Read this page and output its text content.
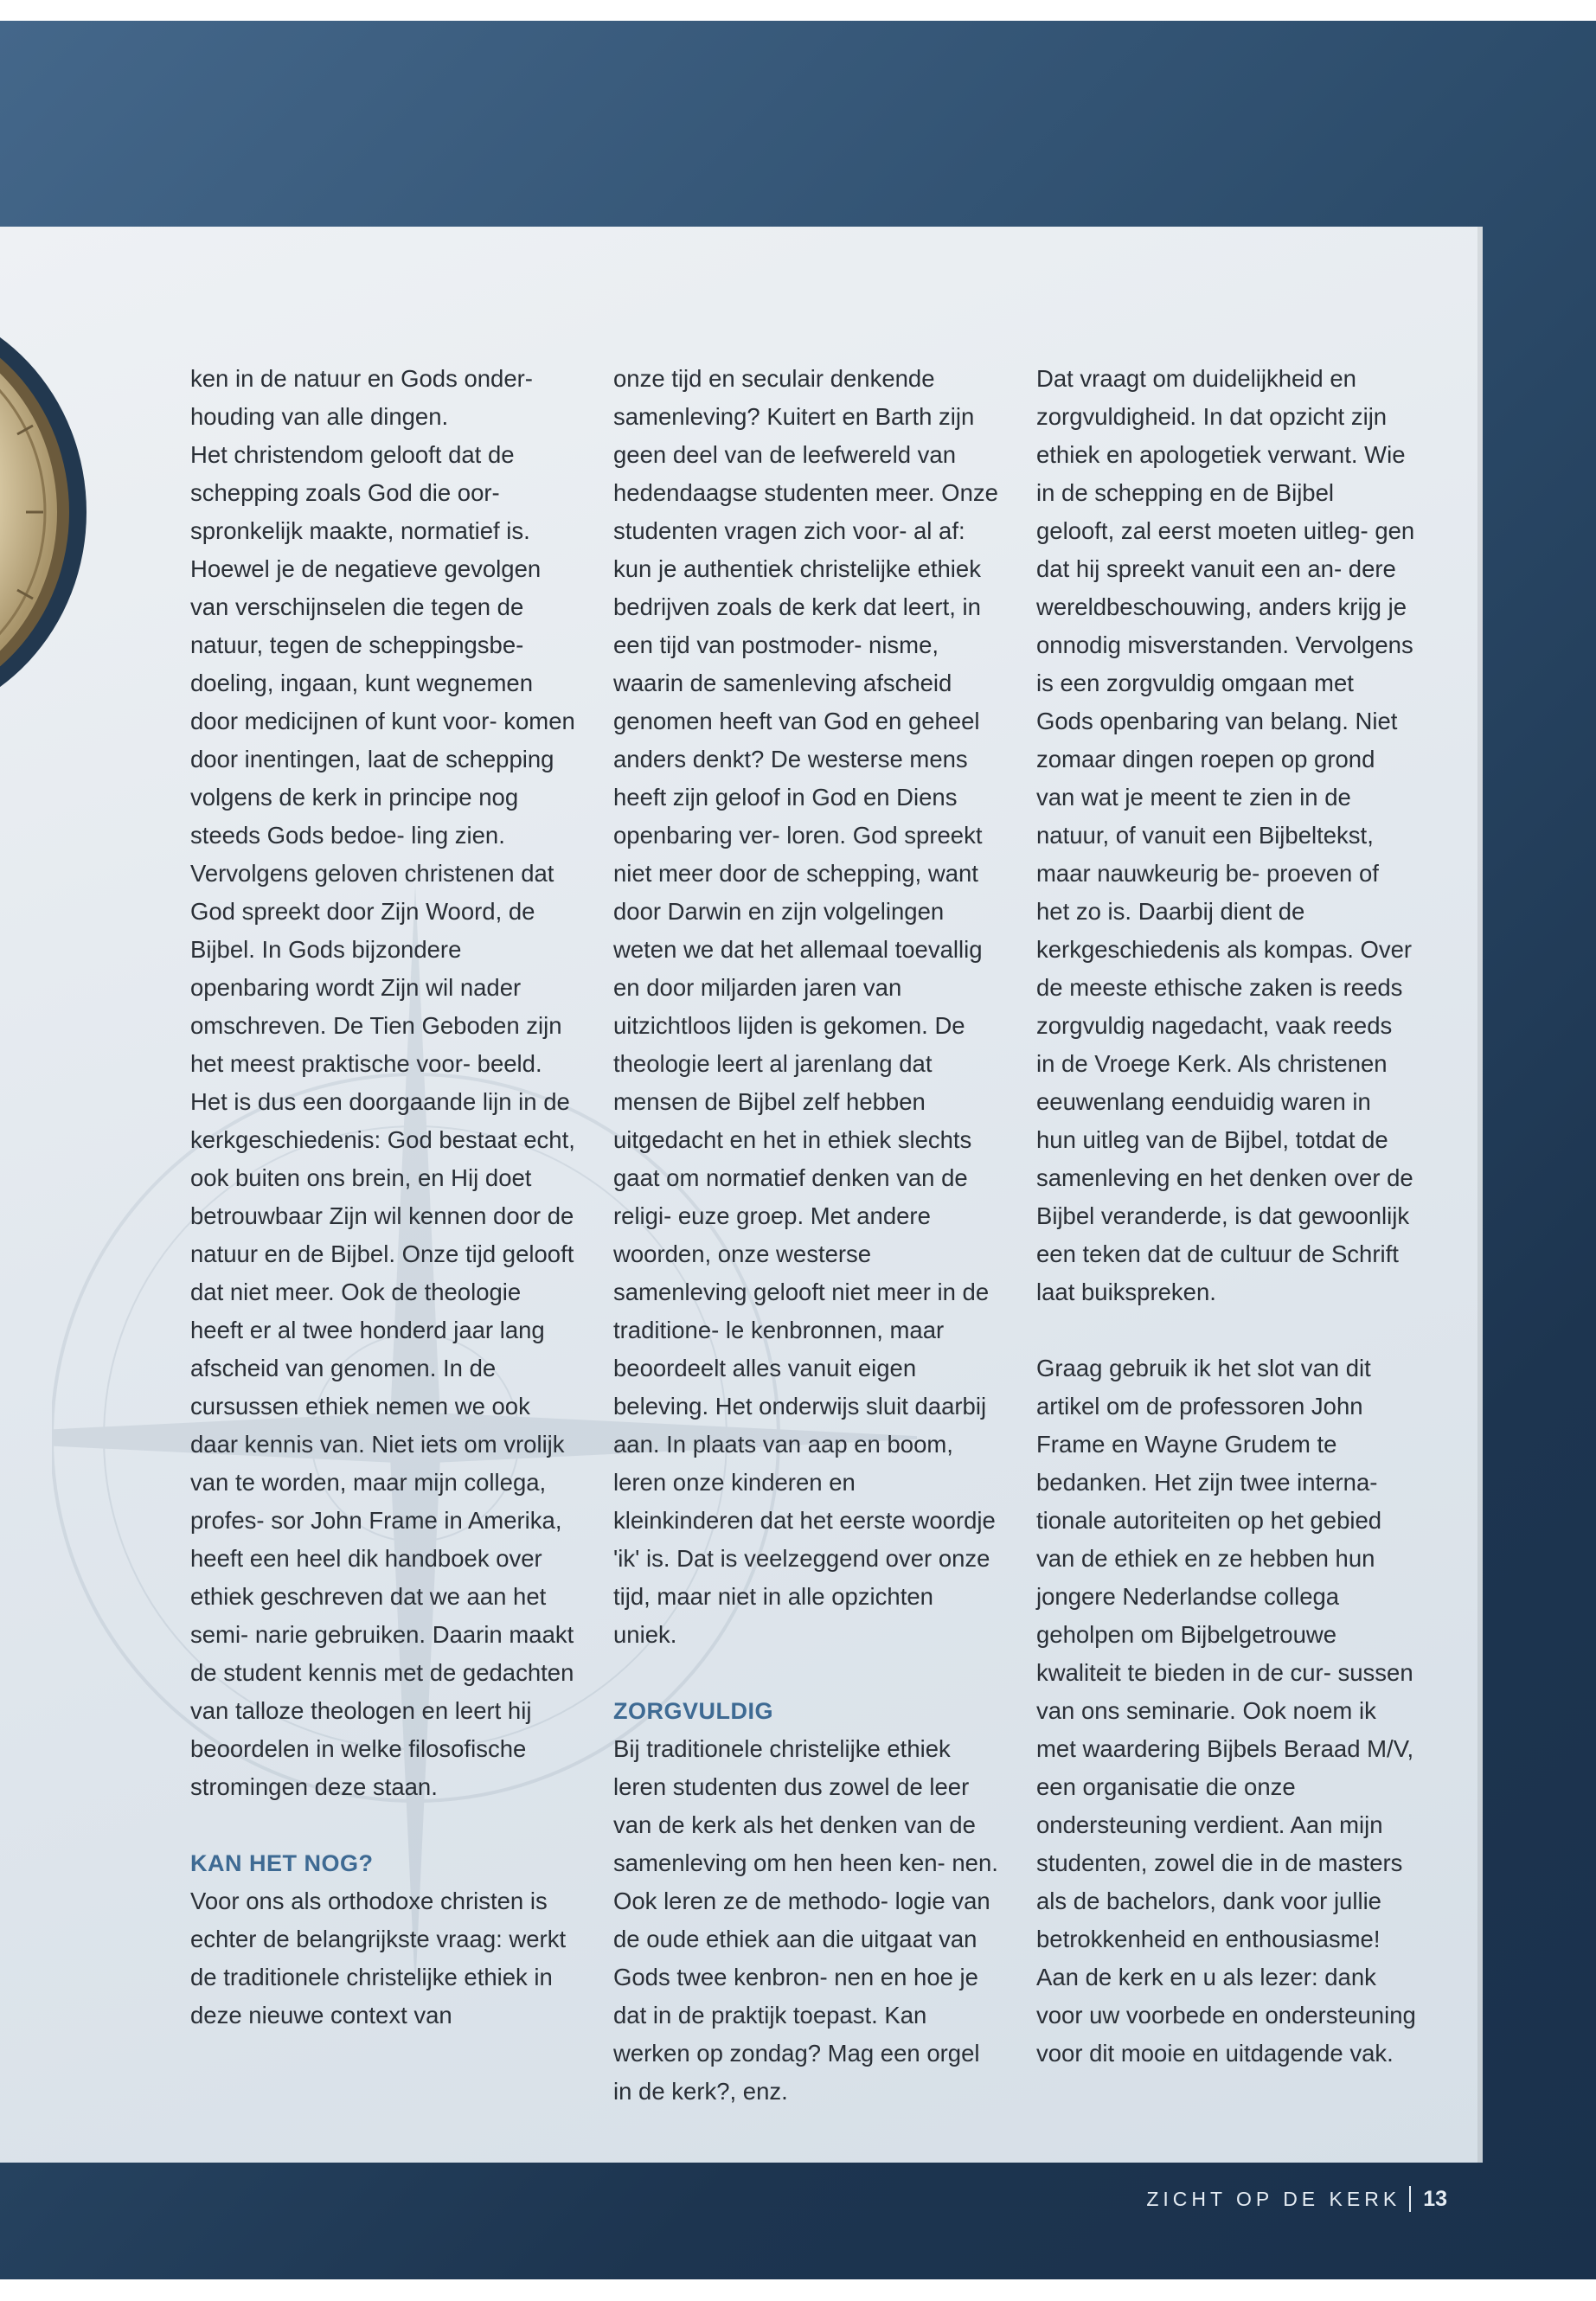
ken in de natuur en Gods onder- houding van alle dingen.

Het christendom gelooft dat de schepping zoals God die oor- spronkelijk maakte, normatief is. Hoewel je de negatieve gevolgen van verschijnselen die tegen de natuur, tegen de scheppingsbe- doeling, ingaan, kunt wegnemen door medicijnen of kunt voor- komen door inentingen, laat de schepping volgens de kerk in principe nog steeds Gods bedoe- ling zien.

Vervolgens geloven christenen dat God spreekt door Zijn Woord, de Bijbel. In Gods bijzondere openbaring wordt Zijn wil nader omschreven. De Tien Geboden zijn het meest praktische voor- beeld. Het is dus een doorgaande lijn in de kerkgeschiedenis: God bestaat echt, ook buiten ons brein, en Hij doet betrouwbaar Zijn wil kennen door de natuur en de Bijbel. Onze tijd gelooft dat niet meer. Ook de theologie heeft er al twee honderd jaar lang afscheid van genomen. In de cursussen ethiek nemen we ook daar kennis van. Niet iets om vrolijk van te worden, maar mijn collega, profes- sor John Frame in Amerika, heeft een heel dik handboek over ethiek geschreven dat we aan het semi- narie gebruiken. Daarin maakt de student kennis met de gedachten van talloze theologen en leert hij beoordelen in welke filosofische stromingen deze staan.

KAN HET NOG?

Voor ons als orthodoxe christen is echter de belangrijkste vraag: werkt de traditionele christelijke ethiek in deze nieuwe context van

onze tijd en seculair denkende samenleving? Kuitert en Barth zijn geen deel van de leefwereld van hedendaagse studenten meer. Onze studenten vragen zich voor- al af: kun je authentiek christelijke ethiek bedrijven zoals de kerk dat leert, in een tijd van postmoder- nisme, waarin de samenleving afscheid genomen heeft van God en geheel anders denkt? De westerse mens heeft zijn geloof in God en Diens openbaring ver- loren. God spreekt niet meer door de schepping, want door Darwin en zijn volgelingen weten we dat het allemaal toevallig en door miljarden jaren van uitzichtloos lijden is gekomen. De theologie leert al jarenlang dat mensen de Bijbel zelf hebben uitgedacht en het in ethiek slechts gaat om normatief denken van de religi- euze groep. Met andere woorden, onze westerse samenleving gelooft niet meer in de traditione- le kenbronnen, maar beoordeelt alles vanuit eigen beleving. Het onderwijs sluit daarbij aan. In plaats van aap en boom, leren onze kinderen en kleinkinderen dat het eerste woordje 'ik' is. Dat is veelzeggend over onze tijd, maar niet in alle opzichten uniek.

ZORGVULDIG

Bij traditionele christelijke ethiek leren studenten dus zowel de leer van de kerk als het denken van de samenleving om hen heen ken- nen. Ook leren ze de methodo- logie van de oude ethiek aan die uitgaat van Gods twee kenbron- nen en hoe je dat in de praktijk toepast. Kan werken op zondag? Mag een orgel in de kerk?, enz.

Dat vraagt om duidelijkheid en zorgvuldigheid. In dat opzicht zijn ethiek en apologetiek verwant. Wie in de schepping en de Bijbel gelooft, zal eerst moeten uitleg- gen dat hij spreekt vanuit een an- dere wereldbeschouwing, anders krijg je onnodig misverstanden. Vervolgens is een zorgvuldig omgaan met Gods openbaring van belang. Niet zomaar dingen roepen op grond van wat je meent te zien in de natuur, of vanuit een Bijbeltekst, maar nauwkeurig be- proeven of het zo is. Daarbij dient de kerkgeschiedenis als kompas. Over de meeste ethische zaken is reeds zorgvuldig nagedacht, vaak reeds in de Vroege Kerk. Als christenen eeuwenlang eenduidig waren in hun uitleg van de Bijbel, totdat de samenleving en het denken over de Bijbel veranderde, is dat gewoonlijk een teken dat de cultuur de Schrift laat buikspreken.

Graag gebruik ik het slot van dit artikel om de professoren John Frame en Wayne Grudem te bedanken. Het zijn twee interna- tionale autoriteiten op het gebied van de ethiek en ze hebben hun jongere Nederlandse collega geholpen om Bijbelgetrouwe kwaliteit te bieden in de cur- sussen van ons seminarie. Ook noem ik met waardering Bijbels Beraad M/V, een organisatie die onze ondersteuning verdient. Aan mijn studenten, zowel die in de masters als de bachelors, dank voor jullie betrokkenheid en enthousiasme! Aan de kerk en u als lezer: dank voor uw voorbede en ondersteuning voor dit mooie en uitdagende vak.

ZICHT OP DE KERK 13
